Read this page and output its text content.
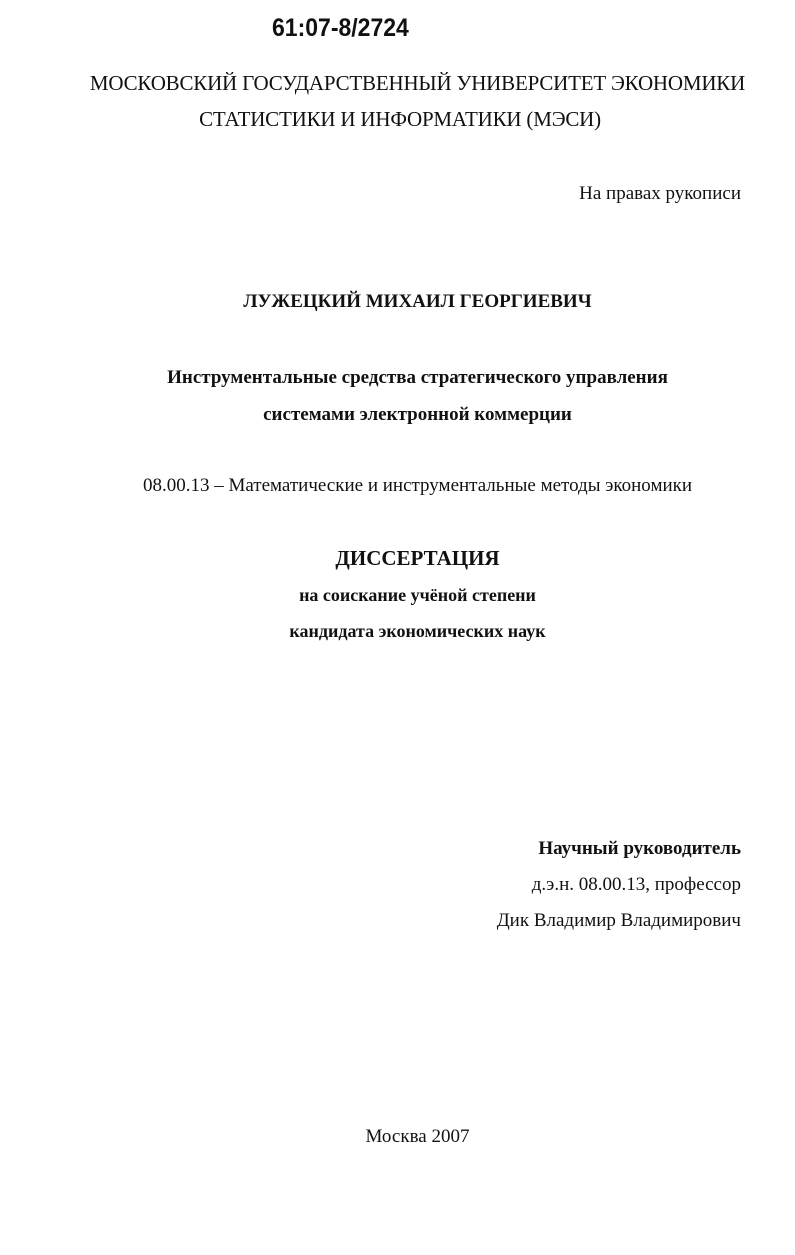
61:07-8/2724
МОСКОВСКИЙ ГОСУДАРСТВЕННЫЙ УНИВЕРСИТЕТ ЭКОНОМИКИ
СТАТИСТИКИ И ИНФОРМАТИКИ (МЭСИ)
На правах рукописи
ЛУЖЕЦКИЙ МИХАИЛ ГЕОРГИЕВИЧ
Инструментальные средства стратегического управления
системами электронной коммерции
08.00.13 – Математические и инструментальные методы экономики
ДИССЕРТАЦИЯ
на соискание учёной степени
кандидата экономических наук
Научный руководитель
д.э.н. 08.00.13, профессор
Дик Владимир Владимирович
Москва 2007
